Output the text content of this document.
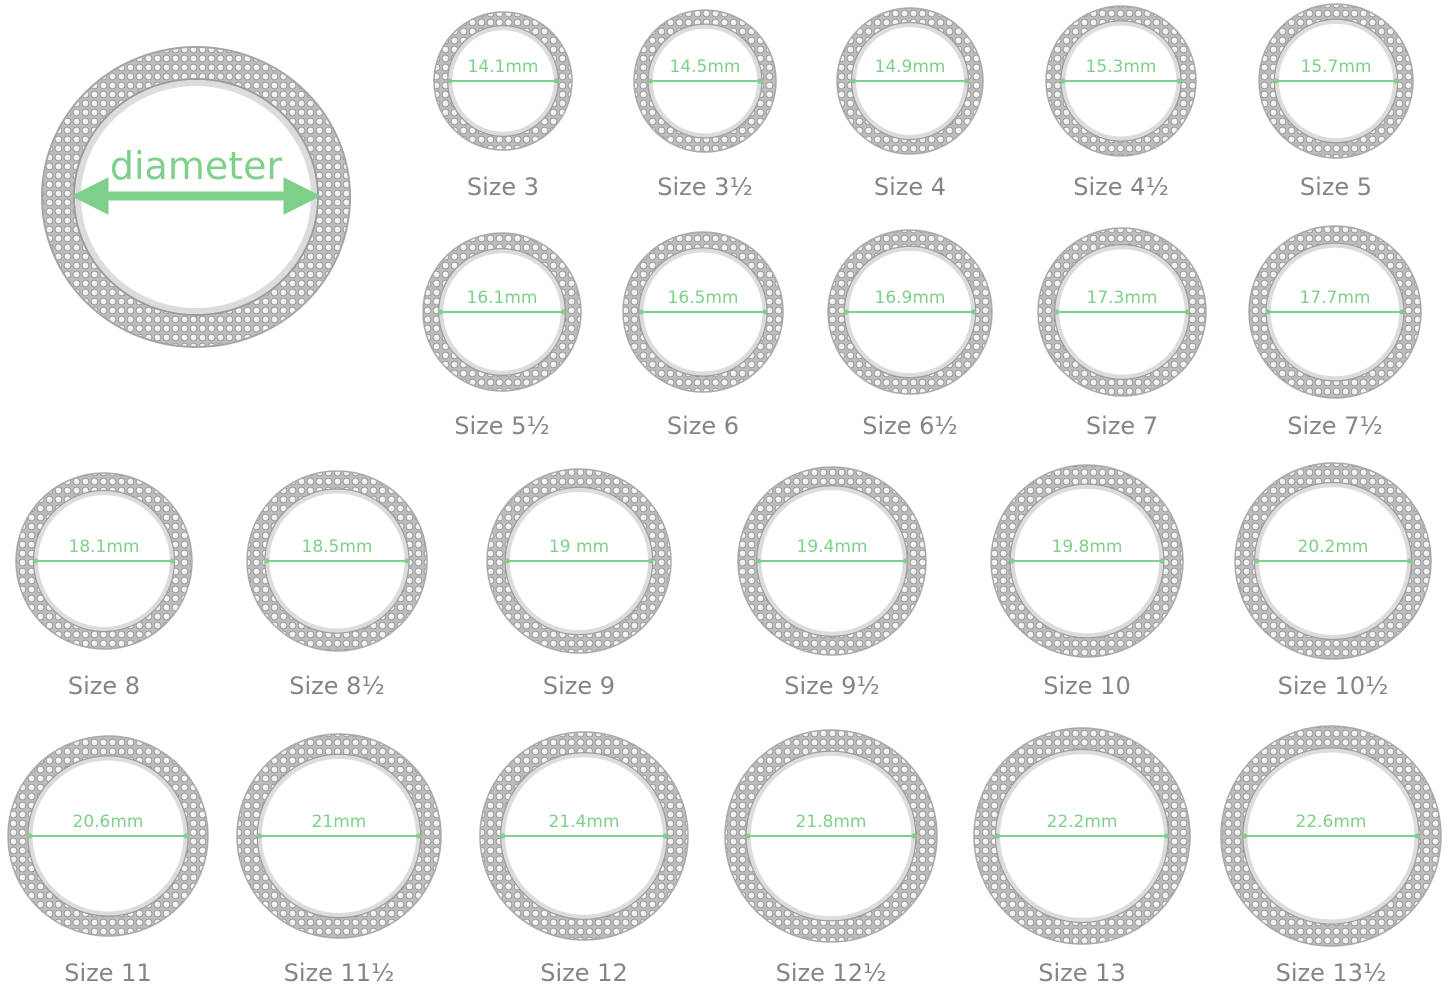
diameter
14.1mm
Size 3
14.5mm
Size 3½
14.9mm
Size 4
15.3mm
Size 4½
15.7mm
Size 5
16.1mm
Size 5½
16.5mm
Size 6
16.9mm
Size 6½
17.3mm
Size 7
17.7mm
Size 7½
18.1mm
Size 8
18.5mm
Size 8½
19 mm
Size 9
19.4mm
Size 9½
19.8mm
Size 10
20.2mm
Size 10½
20.6mm
Size 11
21mm
Size 11½
21.4mm
Size 12
21.8mm
Size 12½
22.2mm
Size 13
22.6mm
Size 13½
